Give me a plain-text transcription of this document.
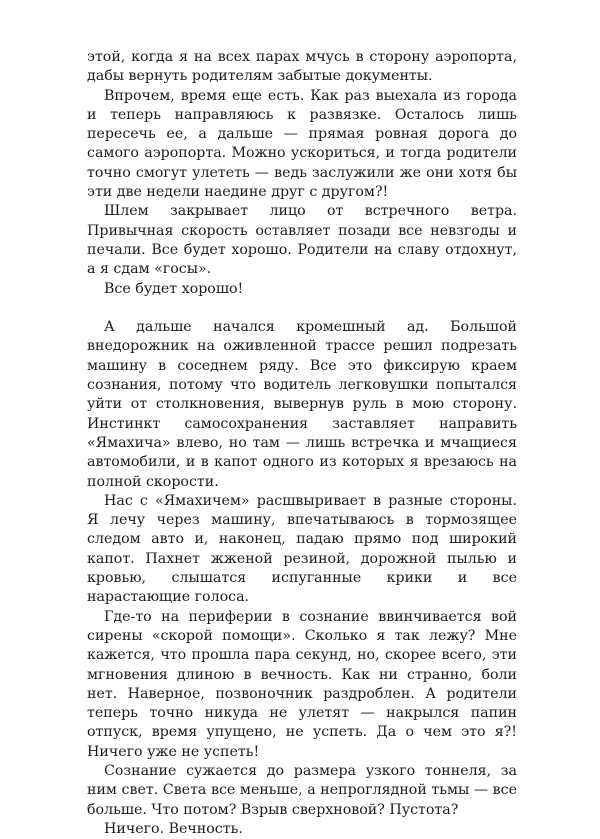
этой, когда я на всех парах мчусь в сторону аэропорта, дабы вернуть родителям забытые документы.

Впрочем, время еще есть. Как раз выехала из города и теперь направляюсь к развязке. Осталось лишь пересечь ее, а дальше — прямая ровная дорога до самого аэропорта. Можно ускориться, и тогда родители точно смогут улететь — ведь заслужили же они хотя бы эти две недели наедине друг с другом?!

Шлем закрывает лицо от встречного ветра. Привычная скорость оставляет позади все невзгоды и печали. Все будет хорошо. Родители на славу отдохнут, а я сдам «госы».

Все будет хорошо!

А дальше начался кромешный ад. Большой внедорожник на оживленной трассе решил подрезать машину в соседнем ряду. Все это фиксирую краем сознания, потому что водитель легковушки попытался уйти от столкновения, вывернув руль в мою сторону. Инстинкт самосохранения заставляет направить «Ямахича» влево, но там — лишь встречка и мчащиеся автомобили, и в капот одного из которых я врезаюсь на полной скорости.

Нас с «Ямахичем» расшвыривает в разные стороны. Я лечу через машину, впечатываюсь в тормозящее следом авто и, наконец, падаю прямо под широкий капот. Пахнет жженой резиной, дорожной пылью и кровью, слышатся испуганные крики и все нарастающие голоса.

Где-то на периферии в сознание ввинчивается вой сирены «скорой помощи». Сколько я так лежу? Мне кажется, что прошла пара секунд, но, скорее всего, эти мгновения длиною в вечность. Как ни странно, боли нет. Наверное, позвоночник раздроблен. А родители теперь точно никуда не улетят — накрылся папин отпуск, время упущено, не успеть. Да о чем это я?! Ничего уже не успеть!

Сознание сужается до размера узкого тоннеля, за ним свет. Света все меньше, а непроглядной тьмы — все больше. Что потом? Взрыв сверхновой? Пустота?

Ничего. Вечность.
